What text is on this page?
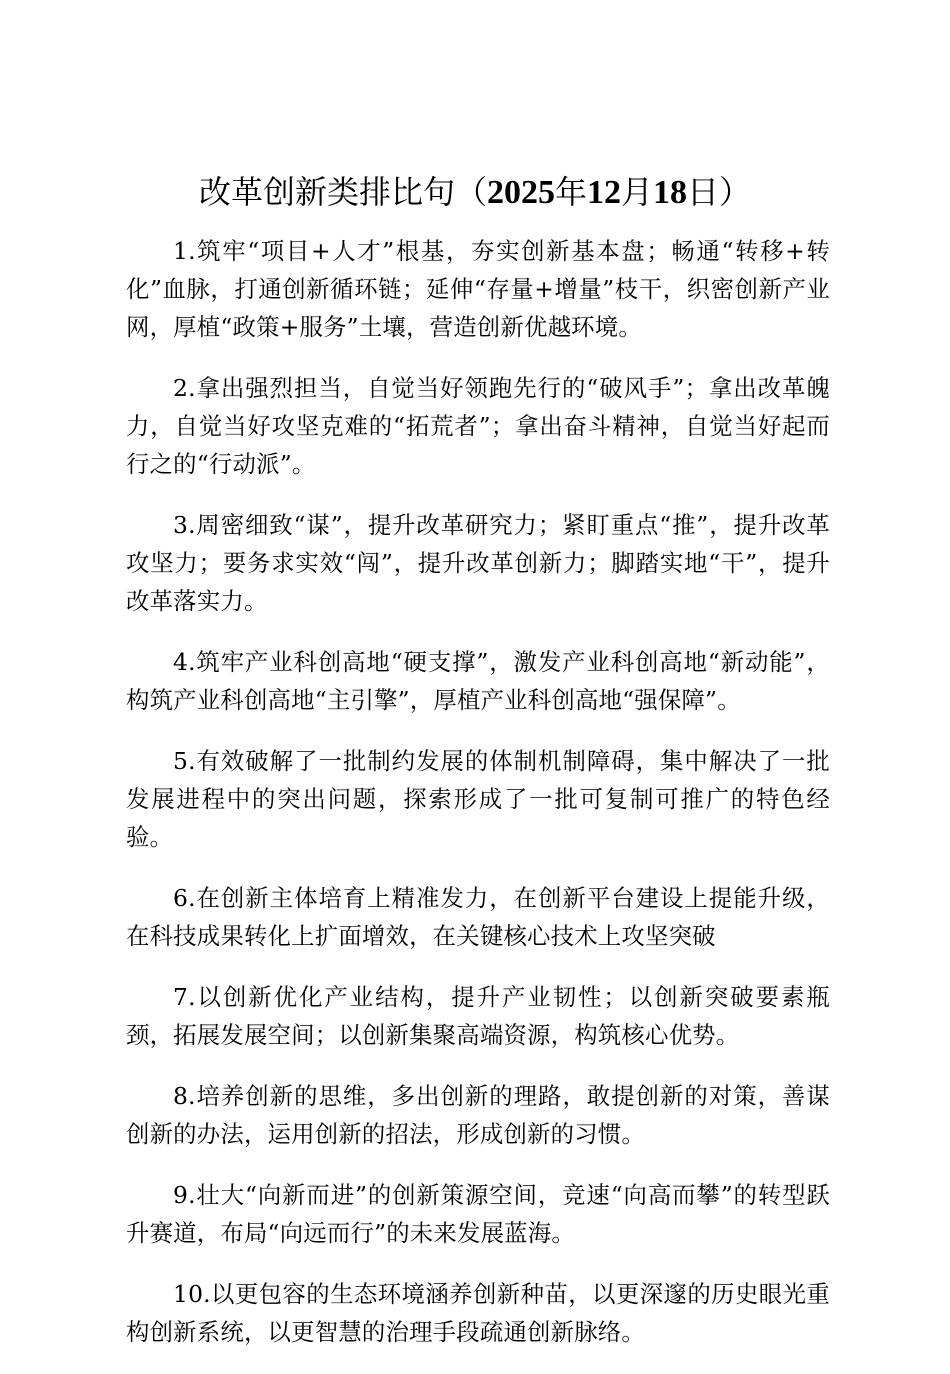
改革创新类排比句（2025年12月18日）

1.筑牢“项目+人才”根基，夯实创新基本盘；畅通“转移+转化”血脉，打通创新循环链；延伸“存量+增量”枝干，织密创新产业网，厚植“政策+服务”土壤，营造创新优越环境。

2.拿出强烈担当，自觉当好领跑先行的“破风手”；拿出改革魄力，自觉当好攻坚克难的“拓荒者”；拿出奋斗精神，自觉当好起而行之的“行动派”。

3.周密细致“谋”，提升改革研究力；紧盯重点“推”，提升改革攻坚力；要务求实效“闯”，提升改革创新力；脚踏实地“干”，提升改革落实力。

4.筑牢产业科创高地“硬支撑”，激发产业科创高地“新动能”，构筑产业科创高地“主引擎”，厚植产业科创高地“强保障”。

5.有效破解了一批制约发展的体制机制障碍，集中解决了一批发展进程中的突出问题，探索形成了一批可复制可推广的特色经验。

6.在创新主体培育上精准发力，在创新平台建设上提能升级，在科技成果转化上扩面增效，在关键核心技术上攻坚突破

7.以创新优化产业结构，提升产业韧性；以创新突破要素瓶颈，拓展发展空间；以创新集聚高端资源，构筑核心优势。

8.培养创新的思维，多出创新的理路，敢提创新的对策，善谋创新的办法，运用创新的招法，形成创新的习惯。

9.壮大“向新而进”的创新策源空间，竞速“向高而攀”的转型跃升赛道，布局“向远而行”的未来发展蓝海。

10.以更包容的生态环境涵养创新种苗，以更深邃的历史眼光重构创新系统，以更智慧的治理手段疏通创新脉络。
